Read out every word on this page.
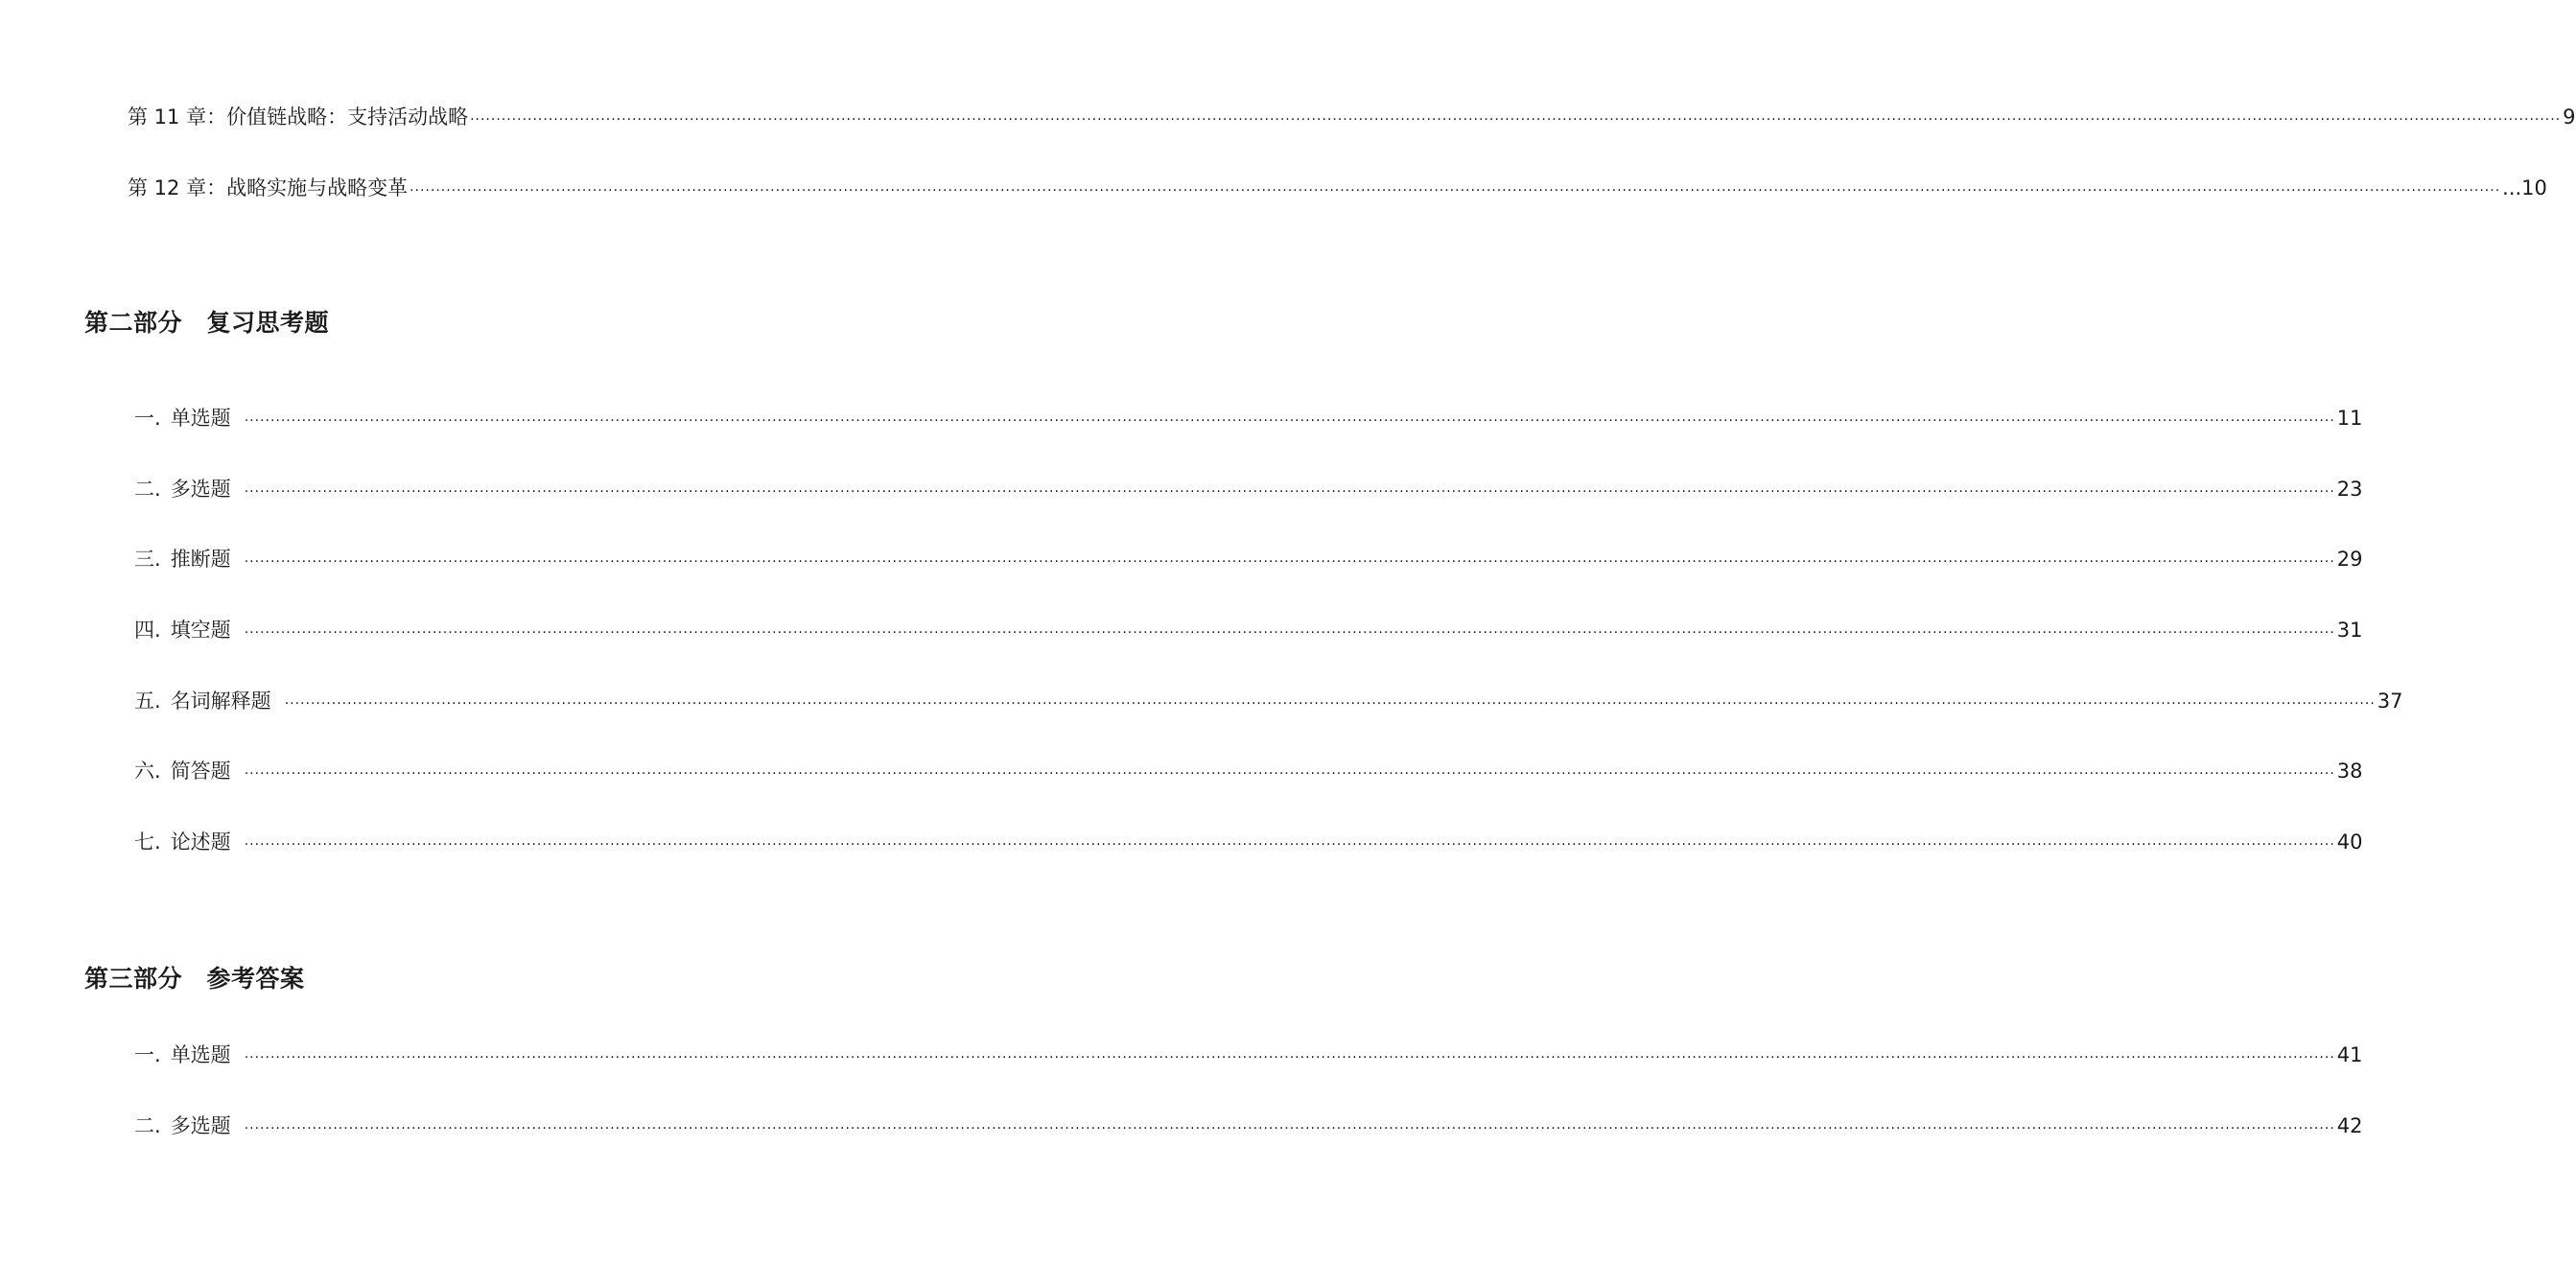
第 11 章：价值链战略：支持活动战略 ................................................................................................................................................................................................................................................................................................................................................................................................................ 9
第 12 章：战略实施与战略变革 ................................................................................................................................................................................................................................................................................................................................................................................................................ ...10
第二部分　复习思考题
一. 单选题 ................................................................................................................................................................................................................................................................................................................................................................................................................ 11
二. 多选题 ................................................................................................................................................................................................................................................................................................................................................................................................................ 23
三. 推断题 ................................................................................................................................................................................................................................................................................................................................................................................................................ 29
四. 填空题 ................................................................................................................................................................................................................................................................................................................................................................................................................ 31
五. 名词解释题 ................................................................................................................................................................................................................................................................................................................................................................................................................ 37
六. 简答题 ................................................................................................................................................................................................................................................................................................................................................................................................................ 38
七. 论述题 ................................................................................................................................................................................................................................................................................................................................................................................................................ 40
第三部分　参考答案
一. 单选题 ................................................................................................................................................................................................................................................................................................................................................................................................................ 41
二. 多选题 ................................................................................................................................................................................................................................................................................................................................................................................................................ 42
